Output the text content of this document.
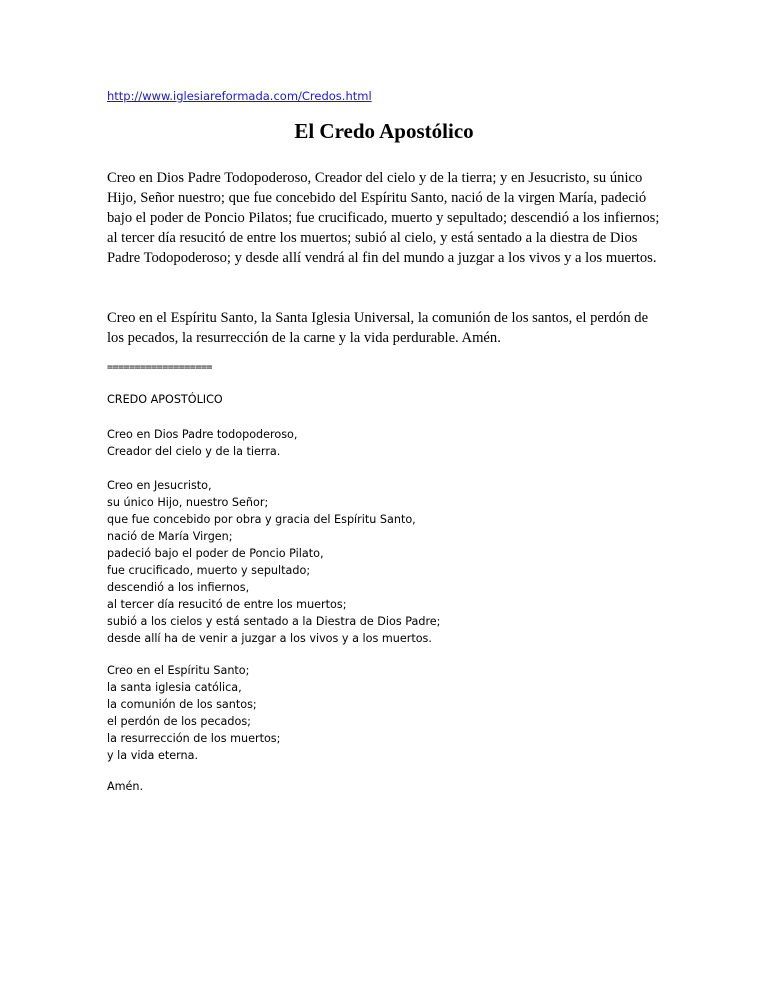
http://www.iglesiareformada.com/Credos.html
El Credo Apostólico

Creo en Dios Padre Todopoderoso, Creador del cielo y de la tierra; y en Jesucristo, su único Hijo, Señor nuestro; que fue concebido del Espíritu Santo, nació de la virgen María, padeció bajo el poder de Poncio Pilatos; fue crucificado, muerto y sepultado; descendió a los infiernos; al tercer día resucitó de entre los muertos; subió al cielo, y está sentado a la diestra de Dios Padre Todopoderoso; y desde allí vendrá al fin del mundo a juzgar a los vivos y a los muertos.

Creo en el Espíritu Santo, la Santa Iglesia Universal, la comunión de los santos, el perdón de los pecados, la resurrección de la carne y la vida perdurable. Amén.

===================
CREDO APOSTÓLICO
Creo en Dios Padre todopoderoso,
Creador del cielo y de la tierra.
Creo en Jesucristo,
su único Hijo, nuestro Señor;
que fue concebido por obra y gracia del Espíritu Santo,
nació de María Virgen;
padeció bajo el poder de Poncio Pilato,
fue crucificado, muerto y sepultado;
descendió a los infiernos,
al tercer día resucitó de entre los muertos;
subió a los cielos y está sentado a la Diestra de Dios Padre;
desde allí ha de venir a juzgar a los vivos y a los muertos.
Creo en el Espíritu Santo;
la santa iglesia católica,
la comunión de los santos;
el perdón de los pecados;
la resurrección de los muertos;
y la vida eterna.
Amén.
